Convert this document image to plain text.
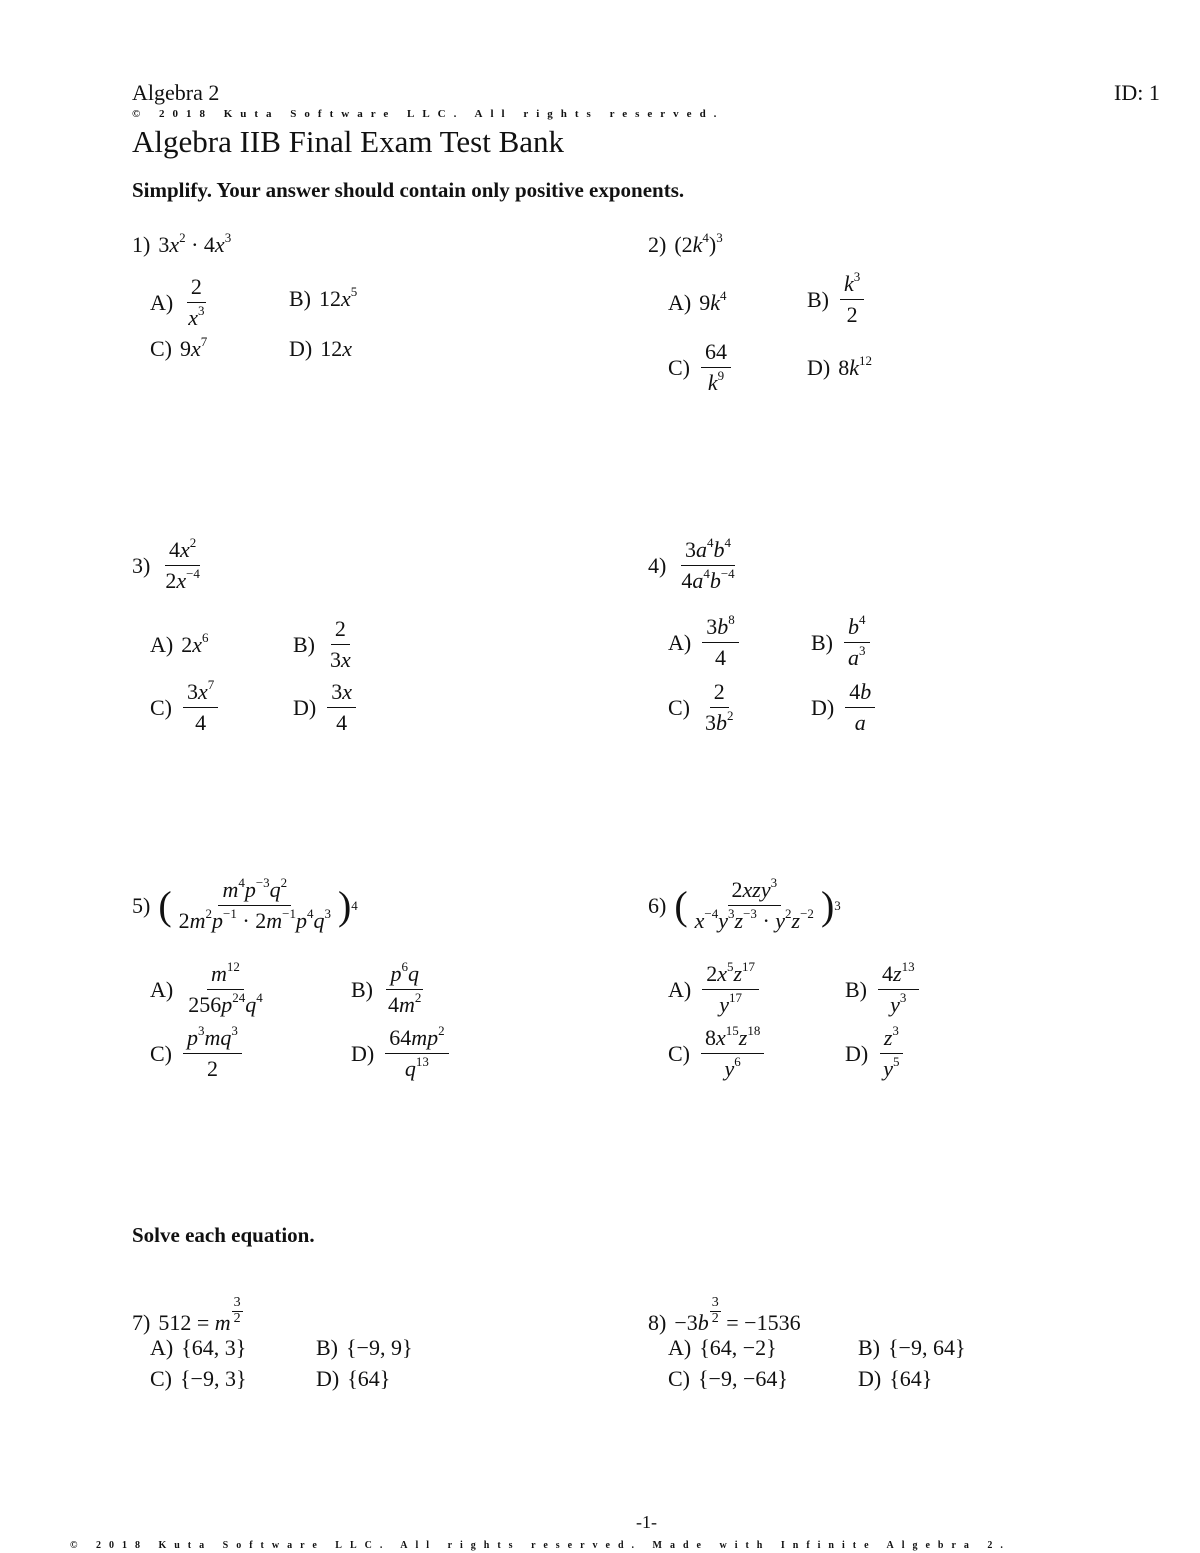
Algebra 2	ID: 1
© 2018 Kuta Software LLC. All rights reserved.
Algebra IIB Final Exam Test Bank
Simplify. Your answer should contain only positive exponents.
1) $3x^2 \cdot 4x^3$
$A) \frac{2}{x^3}$	B) $12x^5$
C) $9x^7$	D) 12x
2) $(2k^4)^3$
A) $9k^4$	$B) \frac{k^3}{2}$
$C) \frac{64}{k^9}$	D) $8k^{12}$
$3) \frac{4x^2}{2x^{-4}}$
A) $2x^6$	$B) \frac{2}{3x}$
$C) \frac{3x^7}{4}$	$D) \frac{3x}{4}$
$4) \frac{3a^4b^4}{4a^4b^{-4}}$
$A) \frac{3b^8}{4}$	$B) \frac{b^4}{a^3}$
$C) \frac{2}{3b^2}$	$D) \frac{4b}{a}$
5) ( $\frac{m^4p^{-3}q^2}{2m^2p^{-1} \cdot 2m^{-1}p^4q^3}$ ) 4
$A) \frac{m^{12}}{256p^{24}q^4}$	$B) \frac{p^6q}{4m^2}$
$C) \frac{p^3mq^3}{2}$	$D) \frac{64mp^2}{q^{13}}$
6) ( $\frac{2xzy^3}{x^{-4}y^3z^{-3} \cdot y^2z^{-2}}$ ) 3
$A) \frac{2x^5z^{17}}{y^{17}}$	$B) \frac{4z^{13}}{y^3}$
$C) \frac{8x^{15}z^{18}}{y^6}$	$D) \frac{z^3}{y^5}$
Solve each equation.
7) 512 = m $\frac{3}{2}$
A) {64, 3}	B) {−9, 9}
C) {−9, 3}	D) {64}
$8) -3b \frac{3}{2} = -1536$
A) {64, −2}	B) {−9, 64}
C) {−9, −64}	D) {64}
-1-
© 2018 Kuta Software LLC. All rights reserved. Made with Infinite Algebra 2.
